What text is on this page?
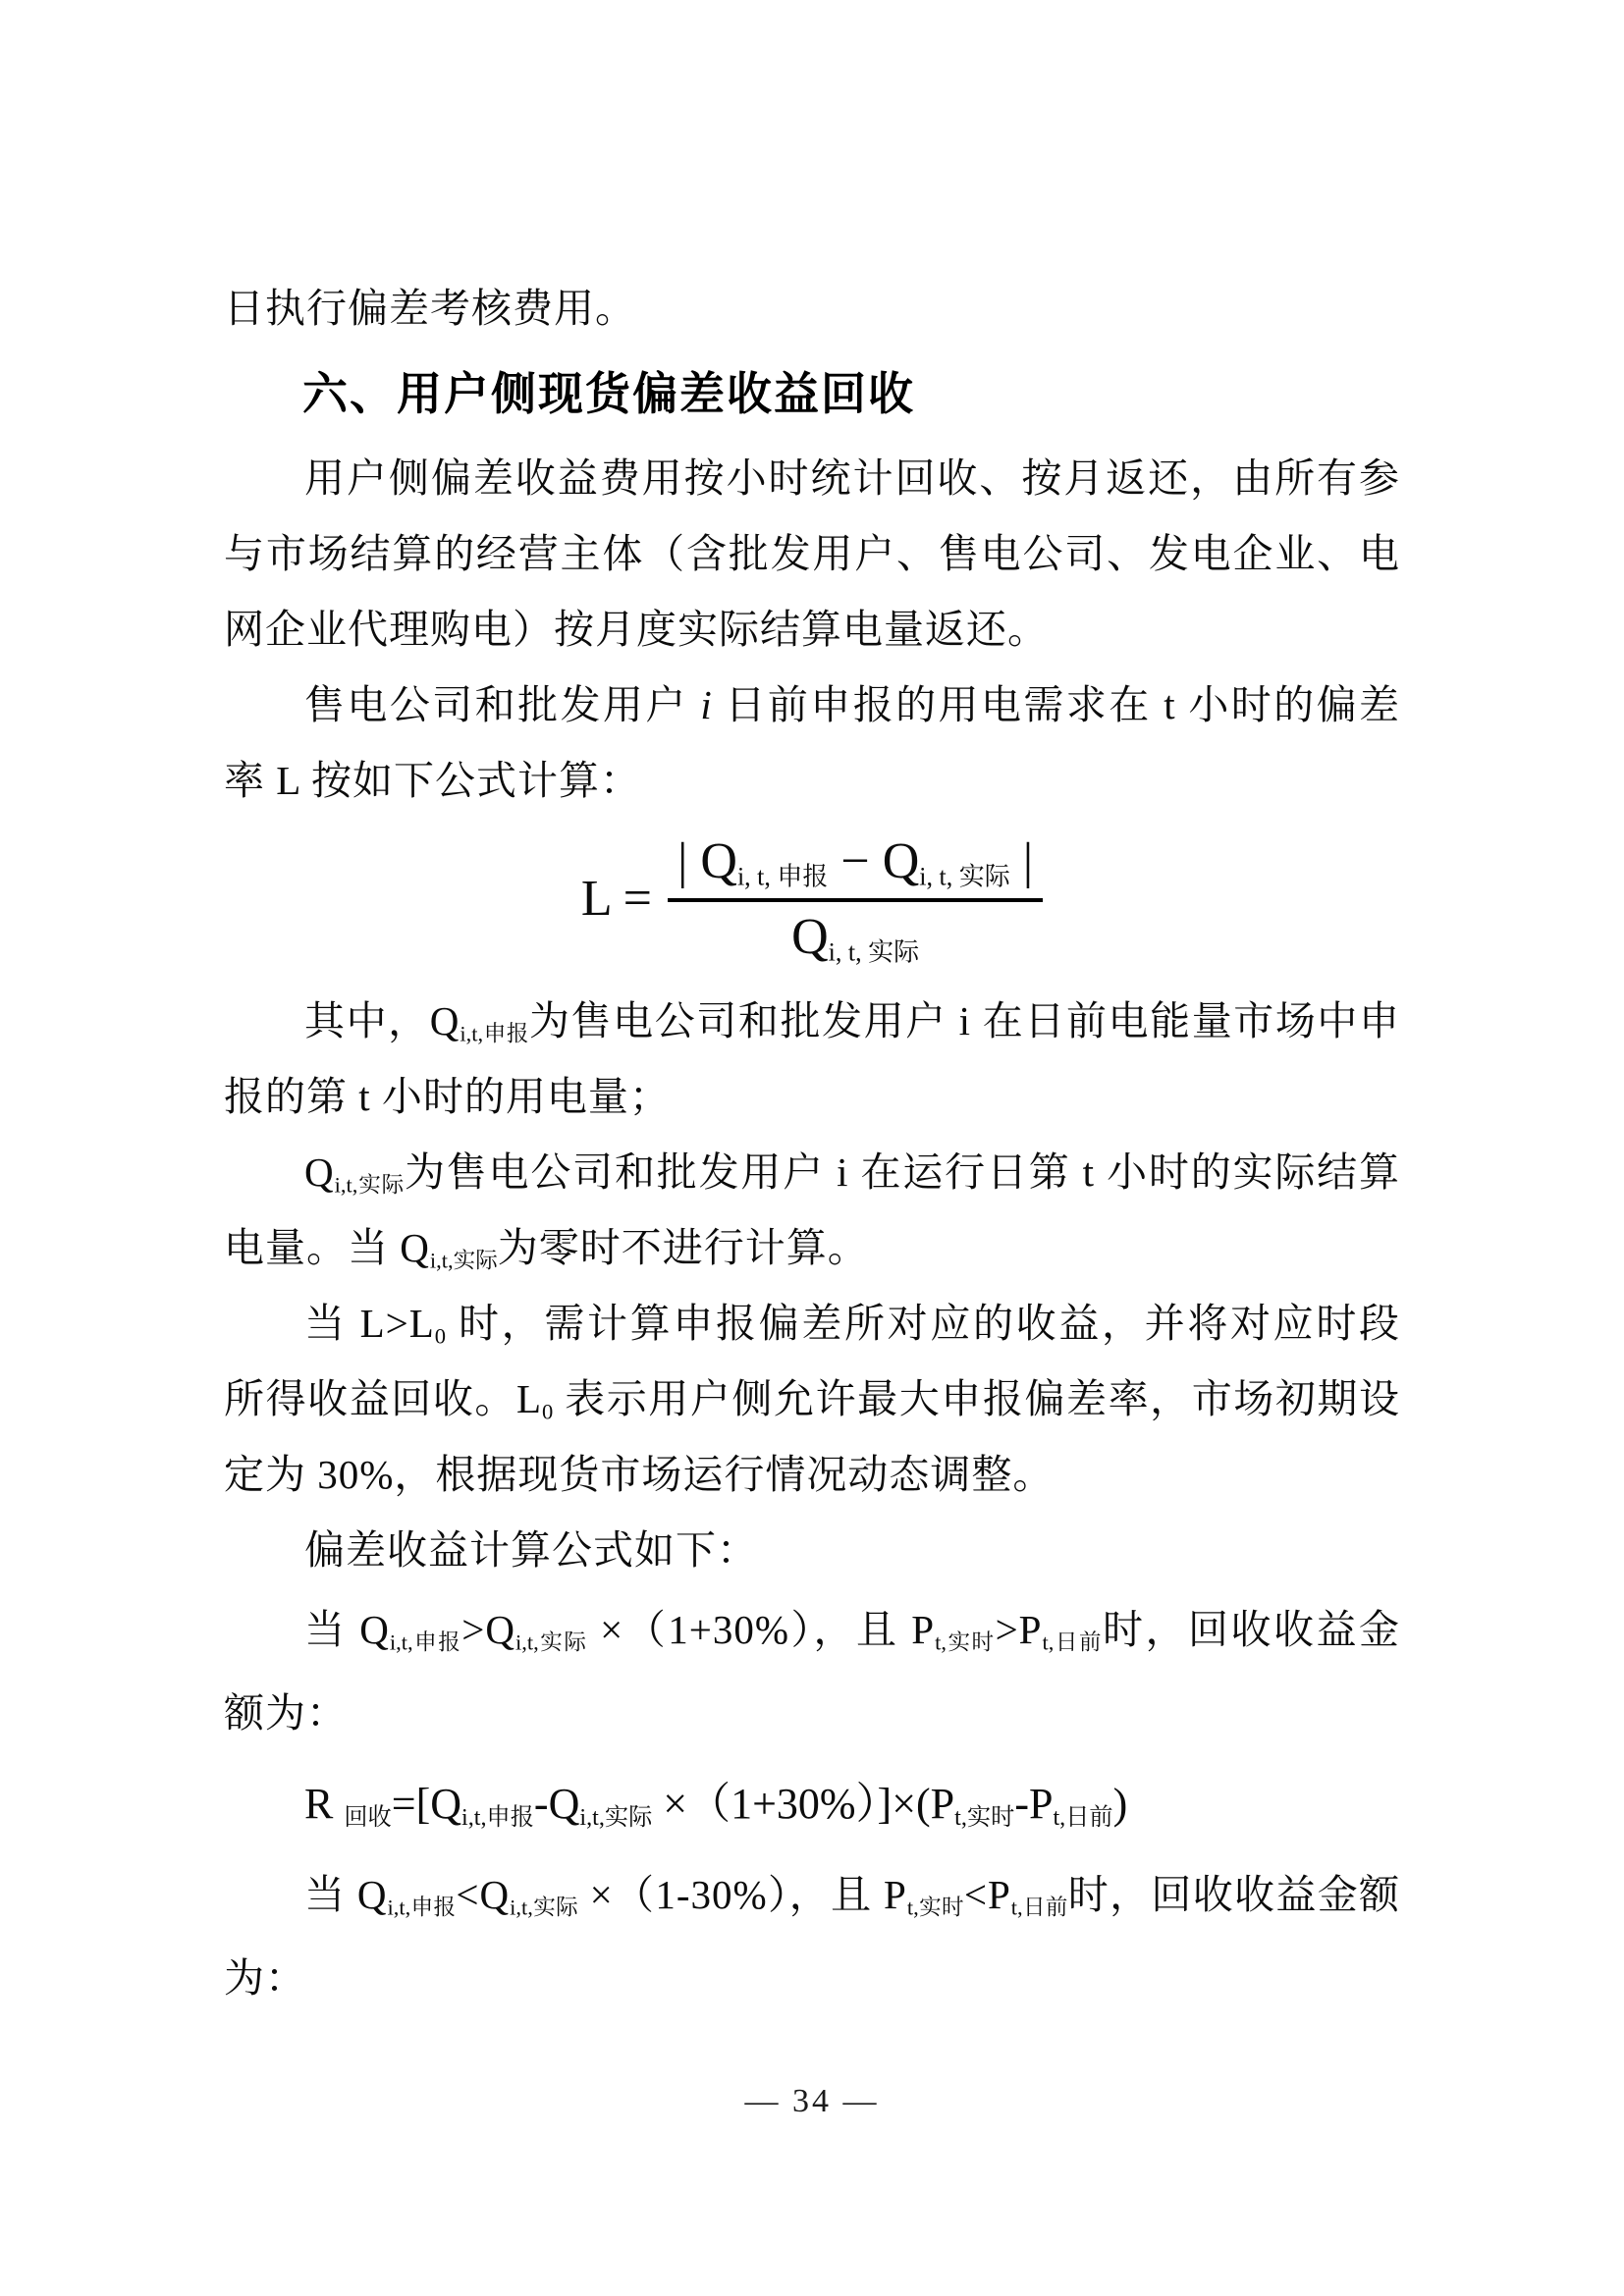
日执行偏差考核费用。

六、用户侧现货偏差收益回收

用户侧偏差收益费用按小时统计回收、按月返还，由所有参与市场结算的经营主体（含批发用户、售电公司、发电企业、电网企业代理购电）按月度实际结算电量返还。

售电公司和批发用户 i 日前申报的用电需求在 t 小时的偏差率 L 按如下公式计算：

$L = \frac{| Q_{i, t, 申报} - Q_{i, t, 实际} |}{Q_{i, t, 实际}}$

其中，$Q_{i,t,申报}$为售电公司和批发用户 i 在日前电能量市场中申报的第 t 小时的用电量；

$Q_{i,t,实际}$为售电公司和批发用户 i 在运行日第 t 小时的实际结算电量。当 $Q_{i,t,实际}$为零时不进行计算。

当 $L>L_0$ 时，需计算申报偏差所对应的收益，并将对应时段所得收益回收。$L_0$ 表示用户侧允许最大申报偏差率，市场初期设定为 30%，根据现货市场运行情况动态调整。

偏差收益计算公式如下：

当 $Q_{i,t,申报}>Q_{i,t,实际} \times(1+30\%)$，且 $P_{t,实时}>P_{t,日前}$时，回收收益金额为：

R $_{回收}=[Q_{i,t,申报}-Q_{i,t,实际} \times(1+30\%)]\times(P_{t,实时}-P_{t,日前})$

当 $Q_{i,t,申报}<Q_{i,t,实际} \times(1-30\%)$，且 $P_{t,实时}<P_{t,日前}$时，回收收益金额为：

— 34 —
